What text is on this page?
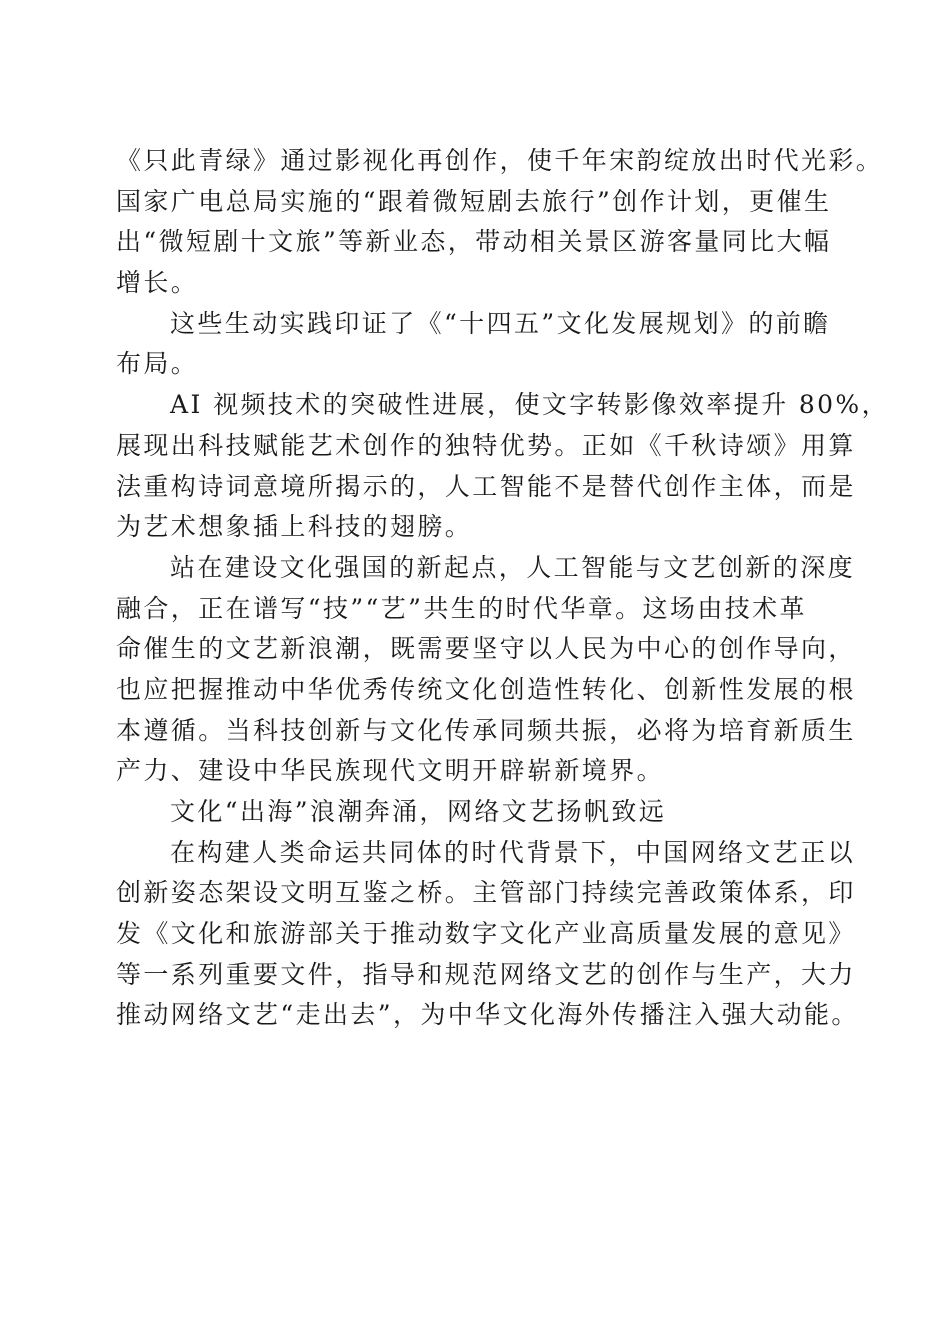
《只此青绿》通过影视化再创作，使千年宋韵绽放出时代光彩。
国家广电总局实施的“跟着微短剧去旅行”创作计划，更催生
出“微短剧十文旅”等新业态，带动相关景区游客量同比大幅
增长。
这些生动实践印证了《“十四五”文化发展规划》的前瞻
布局。
AI 视频技术的突破性进展，使文字转影像效率提升 80%，
展现出科技赋能艺术创作的独特优势。正如《千秋诗颂》用算
法重构诗词意境所揭示的，人工智能不是替代创作主体，而是
为艺术想象插上科技的翅膀。
站在建设文化强国的新起点，人工智能与文艺创新的深度
融合，正在谱写“技”“艺”共生的时代华章。这场由技术革
命催生的文艺新浪潮，既需要坚守以人民为中心的创作导向，
也应把握推动中华优秀传统文化创造性转化、创新性发展的根
本遵循。当科技创新与文化传承同频共振，必将为培育新质生
产力、建设中华民族现代文明开辟崭新境界。
文化“出海”浪潮奔涌，网络文艺扬帆致远
在构建人类命运共同体的时代背景下，中国网络文艺正以
创新姿态架设文明互鉴之桥。主管部门持续完善政策体系，印
发《文化和旅游部关于推动数字文化产业高质量发展的意见》
等一系列重要文件，指导和规范网络文艺的创作与生产，大力
推动网络文艺“走出去”，为中华文化海外传播注入强大动能。
